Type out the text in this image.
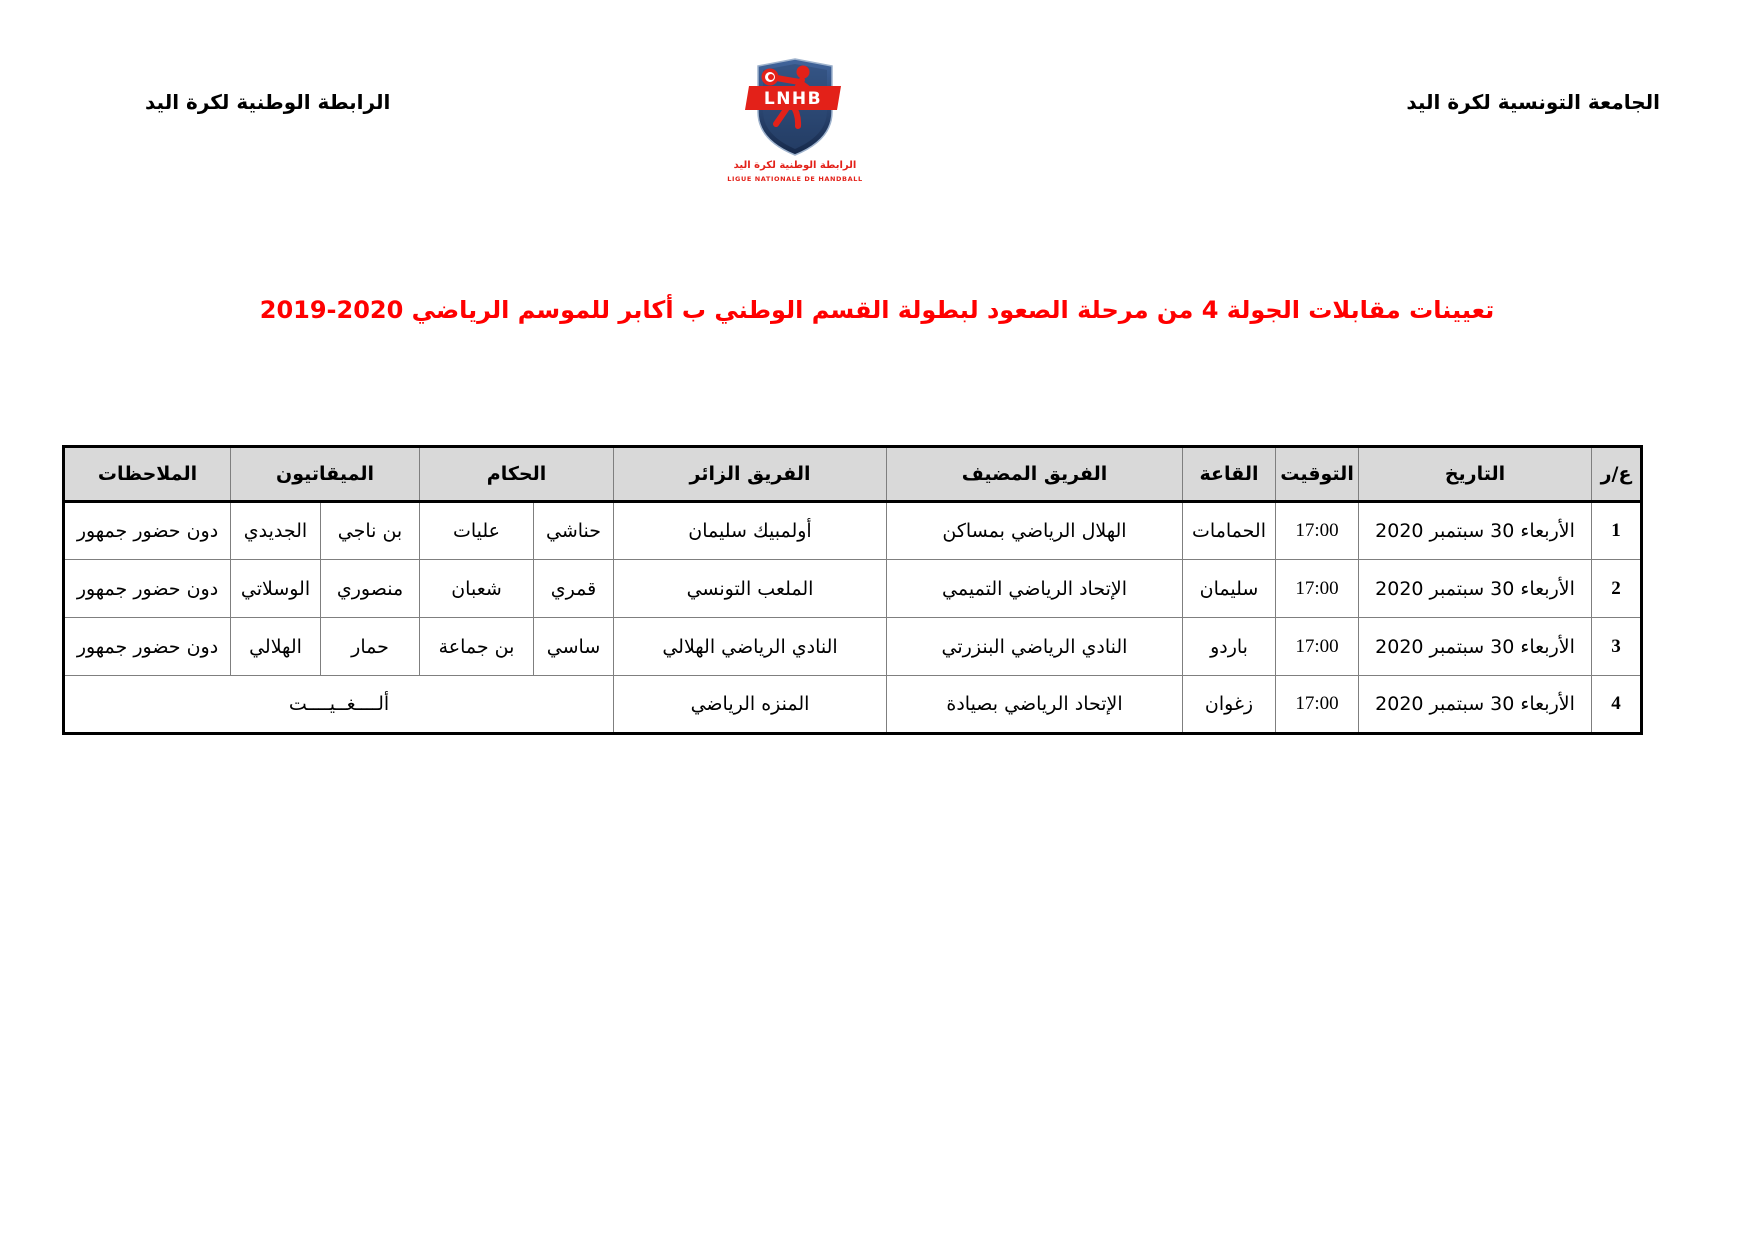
الجامعة التونسية لكرة اليد
الرابطة الوطنية لكرة اليد	LNHB
الرابطة الوطنية لكرة اليد
LIGUE NATIONALE DE HANDBALL
تعيينات مقابلات الجولة 4 من مرحلة الصعود لبطولة القسم الوطني ب أكابر للموسم الرياضي 2020-2019
ع/ر	التاريخ	التوقيت	القاعة	الفريق المضيف	الفريق الزائر	الحكام		الميقاتيون		الملاحظات
1	الأربعاء 30 سبتمبر 2020	17:00	الحمامات	الهلال الرياضي بمساكن	أولمبيك سليمان	حناشي	عليات	بن ناجي	الجديدي	دون حضور جمهور
2	الأربعاء 30 سبتمبر 2020	17:00	سليمان	الإتحاد الرياضي التميمي	الملعب التونسي	قمري	شعبان	منصوري	الوسلاتي	دون حضور جمهور
3	الأربعاء 30 سبتمبر 2020	17:00	باردو	النادي الرياضي البنزرتي	النادي الرياضي الهلالي	ساسي	بن جماعة	حمار	الهلالي	دون حضور جمهور
4	الأربعاء 30 سبتمبر 2020	17:00	زغوان	الإتحاد الرياضي بصيادة	المنزه الرياضي	ألــــغــيــــت				
